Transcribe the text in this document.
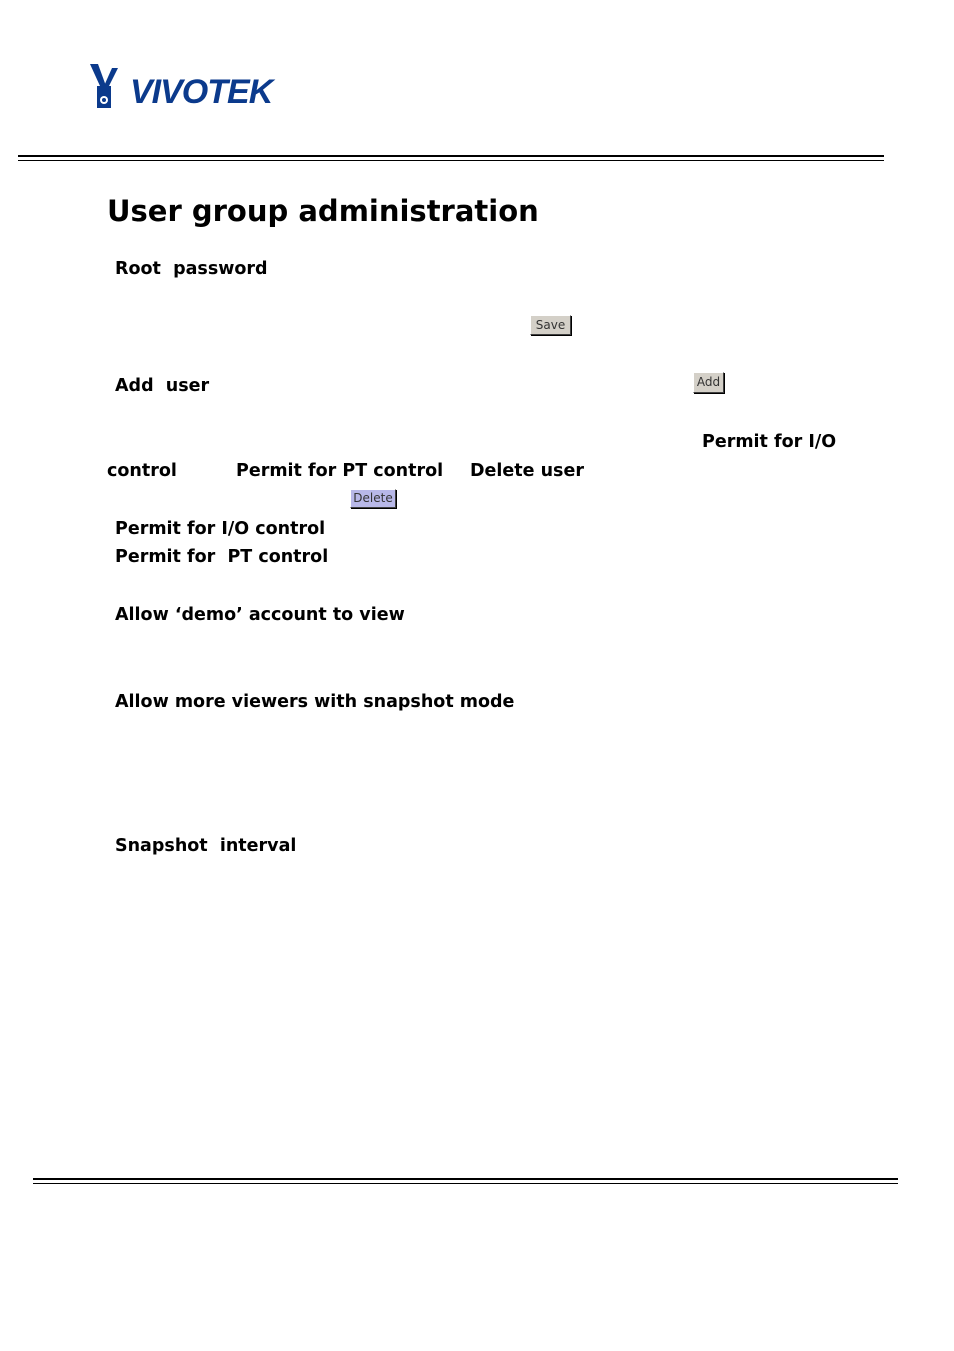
VIVOTEK
User group administration
Root  password
Save
Add  user	Add
Permit for I/O
control	Permit for PT control Delete user
Delete
Permit for I/O control
Permit for  PT control
Allow ‘demo’ account to view
Allow more viewers with snapshot mode
Snapshot  interval
